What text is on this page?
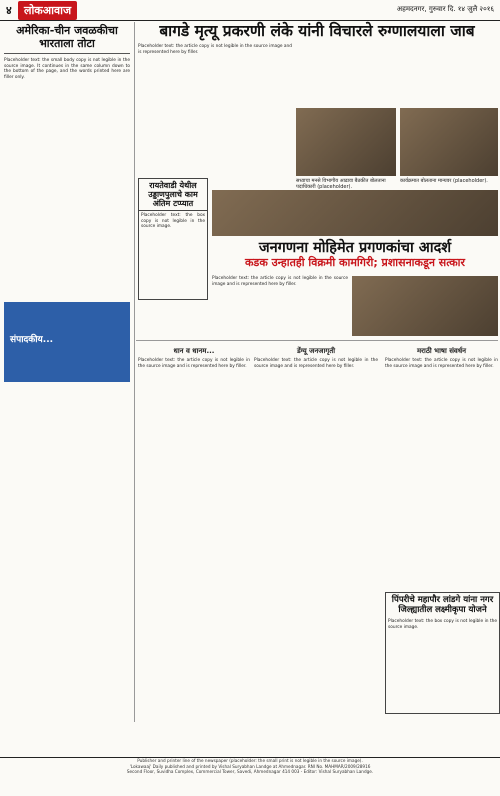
४	लोकआवाज	अहमदनगर, गुरुवार दि. १४ जुलै २०१६
अमेरिका-चीन जवळकीचा भारताला तोटा
Placeholder text: the small body copy is not legible in the source image. It continues in the same column down to the bottom of the page, and the words printed here are filler only.
संपादकीय...
बागडे मृत्यू प्रकरणी लंके यांनी विचारले रुग्णालयाला जाब
सध्याचा मनसे विभागीय आढावा बैठकीत बोलताना पदाधिकारी (placeholder).
कार्यक्रमात बोलताना मान्यवर (placeholder).
Placeholder text: the article copy is not legible in the source image and is represented here by filler.
रायतेवाडी येथील उड्डाणपुलाचे काम अंतिम टप्प्यात
Placeholder text: the box copy is not legible in the source image.
जनगणना मोहिमेत प्रगणकांचा आदर्श
कडक उन्हातही विक्रमी कामगिरी; प्रशासनाकडून सत्कार
Placeholder text: the article copy is not legible in the source image and is represented here by filler.
धान व धानम...
Placeholder text: the article copy is not legible in the source image and is represented here by filler.
डेंग्यू जनजागृती
Placeholder text: the article copy is not legible in the source image and is represented here by filler.
मराठी भाषा संवर्धन
Placeholder text: the article copy is not legible in the source image and is represented here by filler.
पिंपरीचे महापौर लांडगे यांना नगर जिल्ह्यातील लक्ष्मीकृपा योजने
Placeholder text: the box copy is not legible in the source image.
Publisher and printer line of the newspaper (placeholder: the small print is not legible in the source image).
'Lokawaaj' Daily published and printed by Vishal Suryabhan Landge at Ahmednagar. RNI No. MAHMAR/2009/28916
Second Floor, Suvidha Complex, Commercial Tower, Savedi, Ahmednagar 414 003 - Editor: Vishal Suryabhan Landge.
